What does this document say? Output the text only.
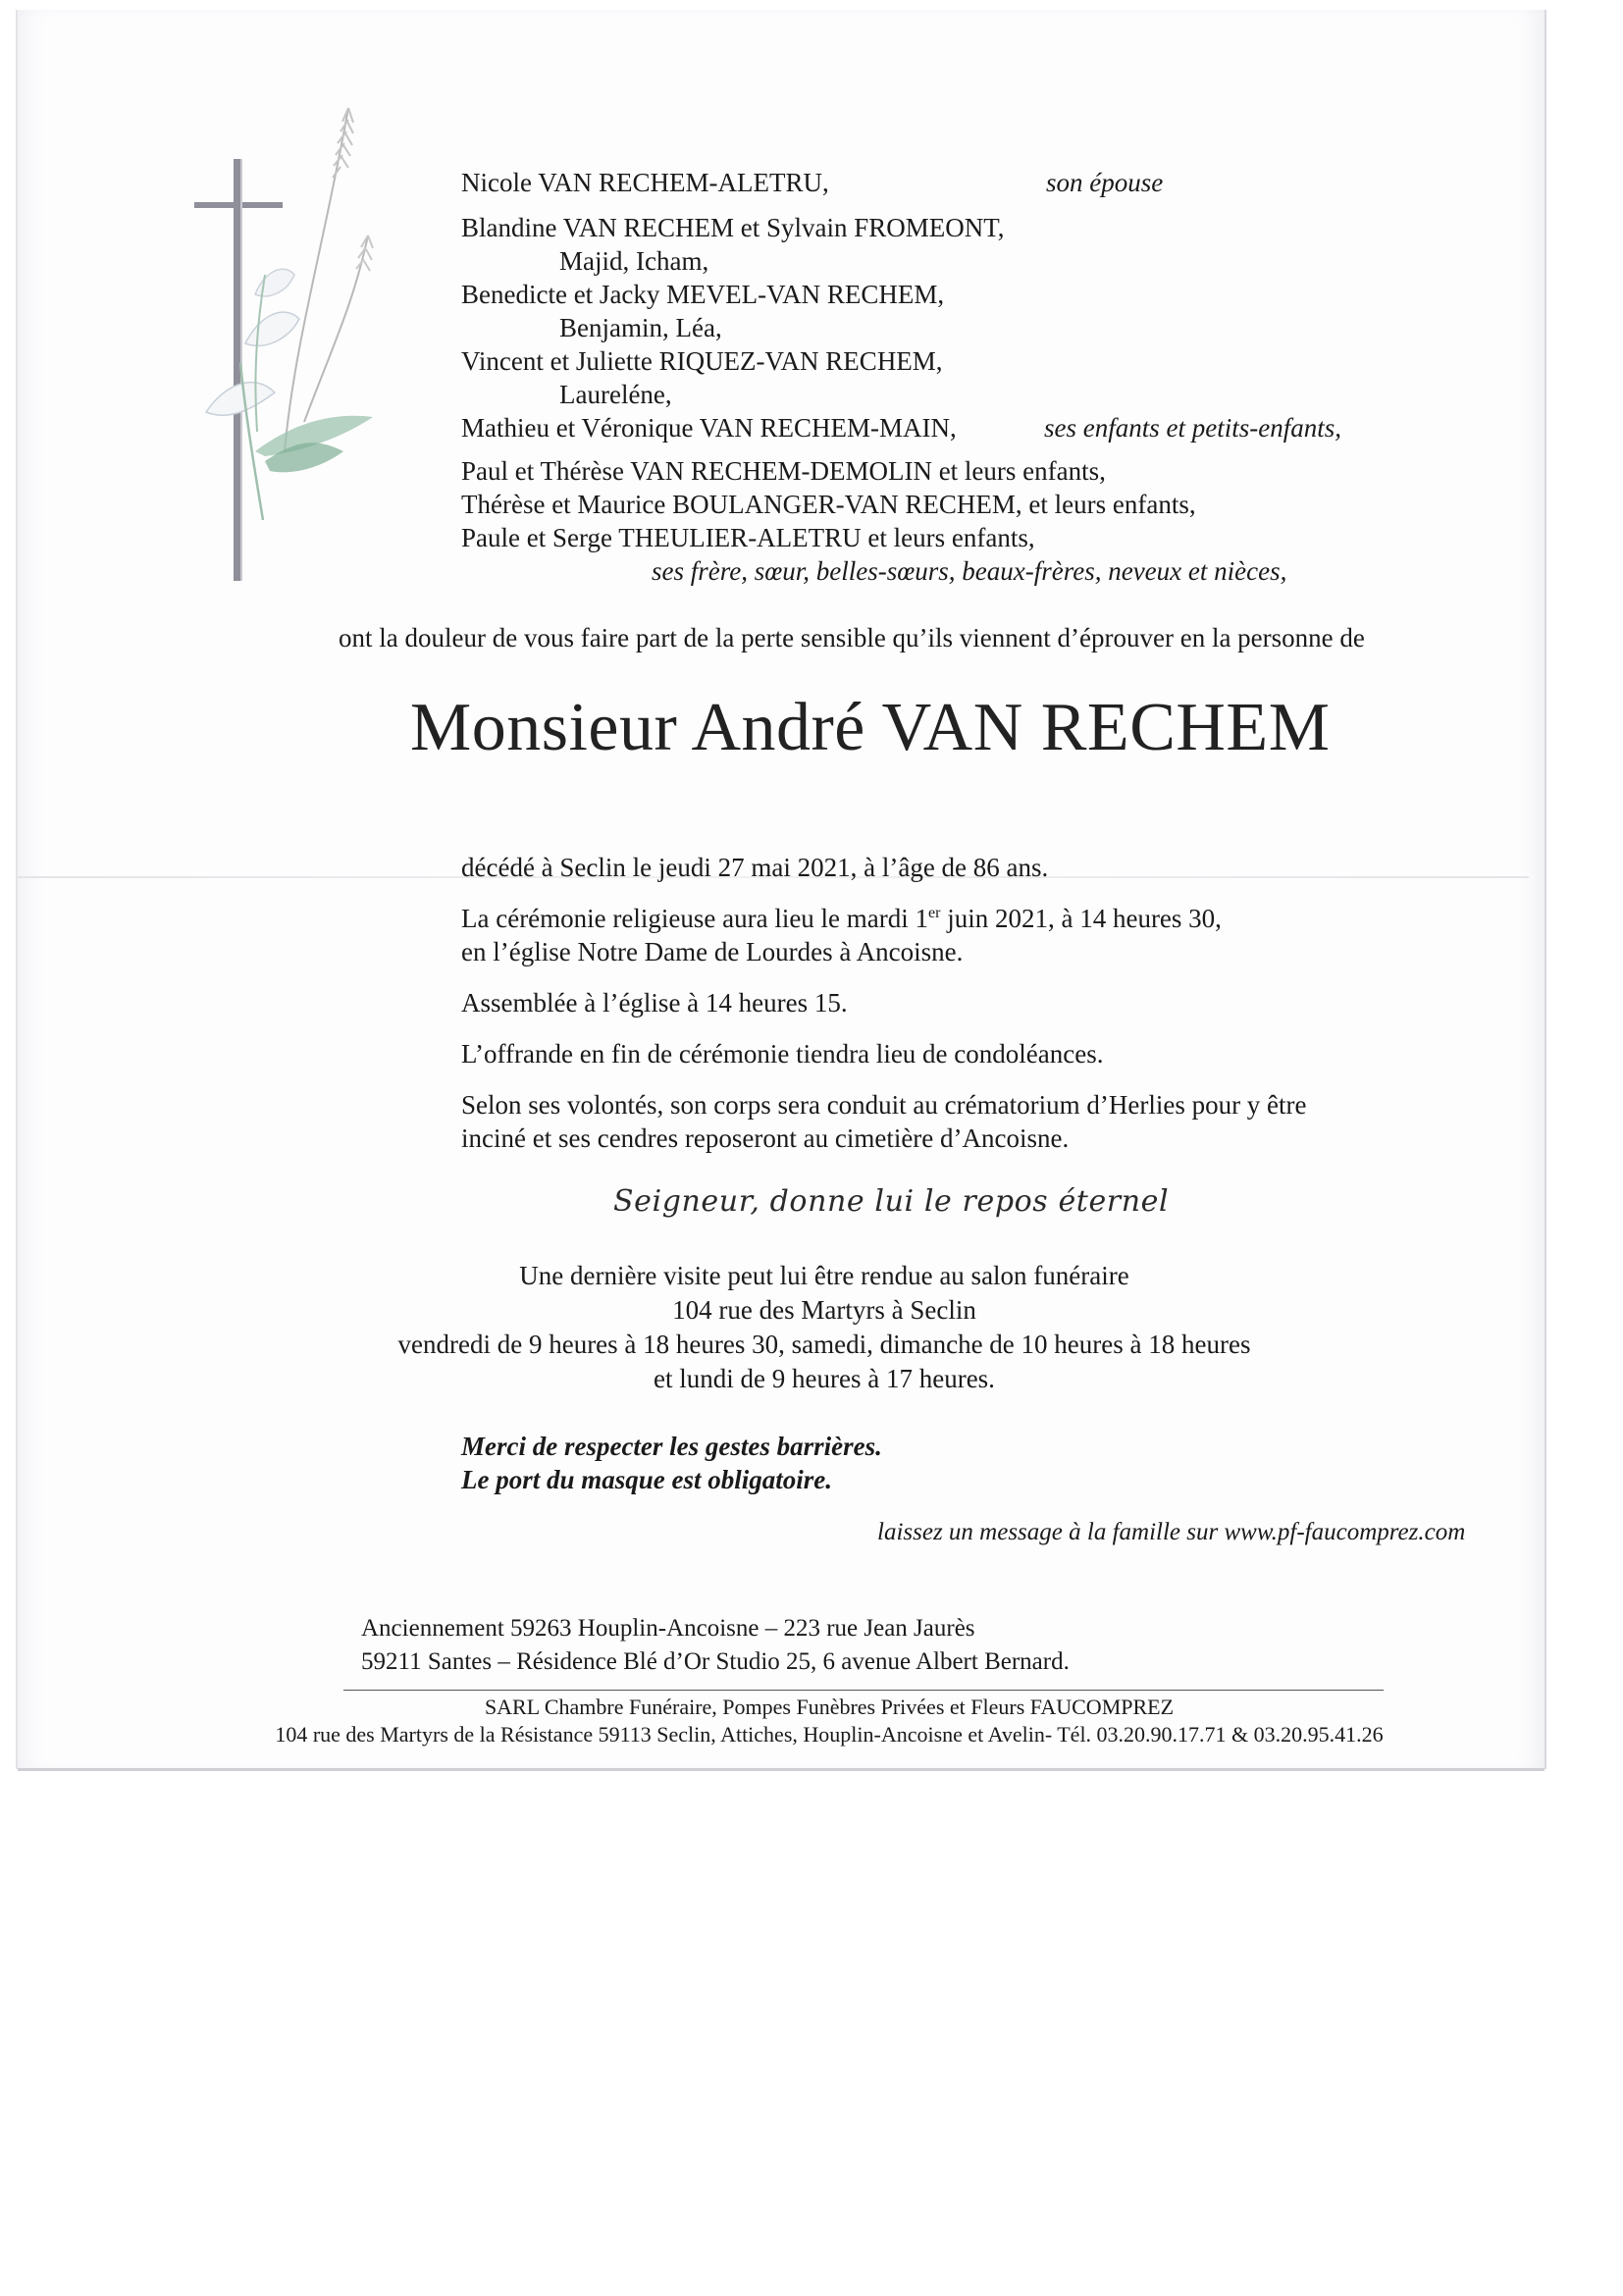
Nicole VAN RECHEM-ALETRU,	son épouse
Blandine VAN RECHEM et Sylvain FROMEONT,
Majid, Icham,
Benedicte et Jacky MEVEL-VAN RECHEM,
Benjamin, Léa,
Vincent et Juliette RIQUEZ-VAN RECHEM,
Laureléne,
Mathieu et Véronique VAN RECHEM-MAIN,	ses enfants et petits-enfants,
Paul et Thérèse VAN RECHEM-DEMOLIN et leurs enfants,
Thérèse et Maurice BOULANGER-VAN RECHEM, et leurs enfants,
Paule et Serge THEULIER-ALETRU et leurs enfants,
ses frère, sœur, belles-sœurs, beaux-frères, neveux et nièces,
ont la douleur de vous faire part de la perte sensible qu’ils viennent d’éprouver en la personne de
Monsieur André VAN RECHEM
décédé à Seclin le jeudi 27 mai 2021, à l’âge de 86 ans.
La cérémonie religieuse aura lieu le mardi 1er juin 2021, à 14 heures 30,
en l’église Notre Dame de Lourdes à Ancoisne.
Assemblée à l’église à 14 heures 15.
L’offrande en fin de cérémonie tiendra lieu de condoléances.
Selon ses volontés, son corps sera conduit au crématorium d’Herlies pour y être
inciné et ses cendres reposeront au cimetière d’Ancoisne.
Seigneur, donne lui le repos éternel
Une dernière visite peut lui être rendue au salon funéraire
104 rue des Martyrs à Seclin
vendredi de 9 heures à 18 heures 30, samedi, dimanche de 10 heures à 18 heures
et lundi de 9 heures à 17 heures.
Merci de respecter les gestes barrières.
Le port du masque est obligatoire.
laissez un message à la famille sur www.pf-faucomprez.com
Anciennement 59263 Houplin-Ancoisne – 223 rue Jean Jaurès
59211 Santes – Résidence Blé d’Or Studio 25, 6 avenue Albert Bernard.
SARL Chambre Funéraire, Pompes Funèbres Privées et Fleurs FAUCOMPREZ
104 rue des Martyrs de la Résistance 59113 Seclin, Attiches, Houplin-Ancoisne et Avelin- Tél. 03.20.90.17.71 & 03.20.95.41.26
